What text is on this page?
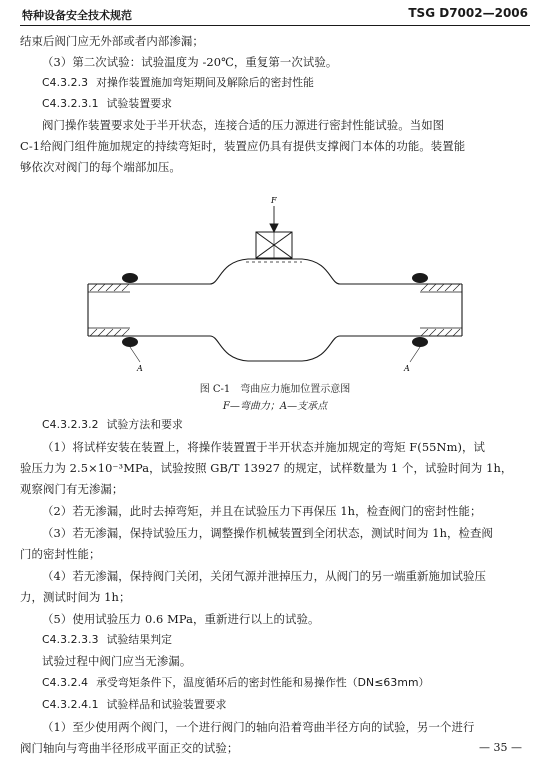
特种设备安全技术规范	TSG D7002—2006
结束后阀门应无外部或者内部渗漏；
（3）第二次试验：试验温度为 -20℃，重复第一次试验。
C4.3.2.3 对操作装置施加弯矩期间及解除后的密封性能
C4.3.2.3.1 试验装置要求
阀门操作装置要求处于半开状态，连接合适的压力源进行密封性能试验。当如图
C-1给阀门组件施加规定的持续弯矩时，装置应仍具有提供支撑阀门本体的功能。装置能
够依次对阀门的每个端部加压。
F
A	A
图 C-1　弯曲应力施加位置示意图
F—弯曲力；A—支承点
C4.3.2.3.2 试验方法和要求
（1）将试样安装在装置上，将操作装置置于半开状态并施加规定的弯矩 F(55Nm)，试
验压力为 2.5×10⁻³MPa，试验按照 GB/T 13927 的规定，试样数量为 1 个，试验时间为 1h，
观察阀门有无渗漏；
（2）若无渗漏，此时去掉弯矩，并且在试验压力下再保压 1h，检查阀门的密封性能；
（3）若无渗漏，保持试验压力，调整操作机械装置到全闭状态，测试时间为 1h，检查阀
门的密封性能；
（4）若无渗漏，保持阀门关闭，关闭气源并泄掉压力，从阀门的另一端重新施加试验压
力，测试时间为 1h；
（5）使用试验压力 0.6 MPa，重新进行以上的试验。
C4.3.2.3.3 试验结果判定
试验过程中阀门应当无渗漏。
C4.3.2.4 承受弯矩条件下，温度循环后的密封性能和易操作性（DN≤63mm）
C4.3.2.4.1 试验样品和试验装置要求
（1）至少使用两个阀门，一个进行阀门的轴向沿着弯曲半径方向的试验，另一个进行
阀门轴向与弯曲半径形成平面正交的试验；	— 35 —
